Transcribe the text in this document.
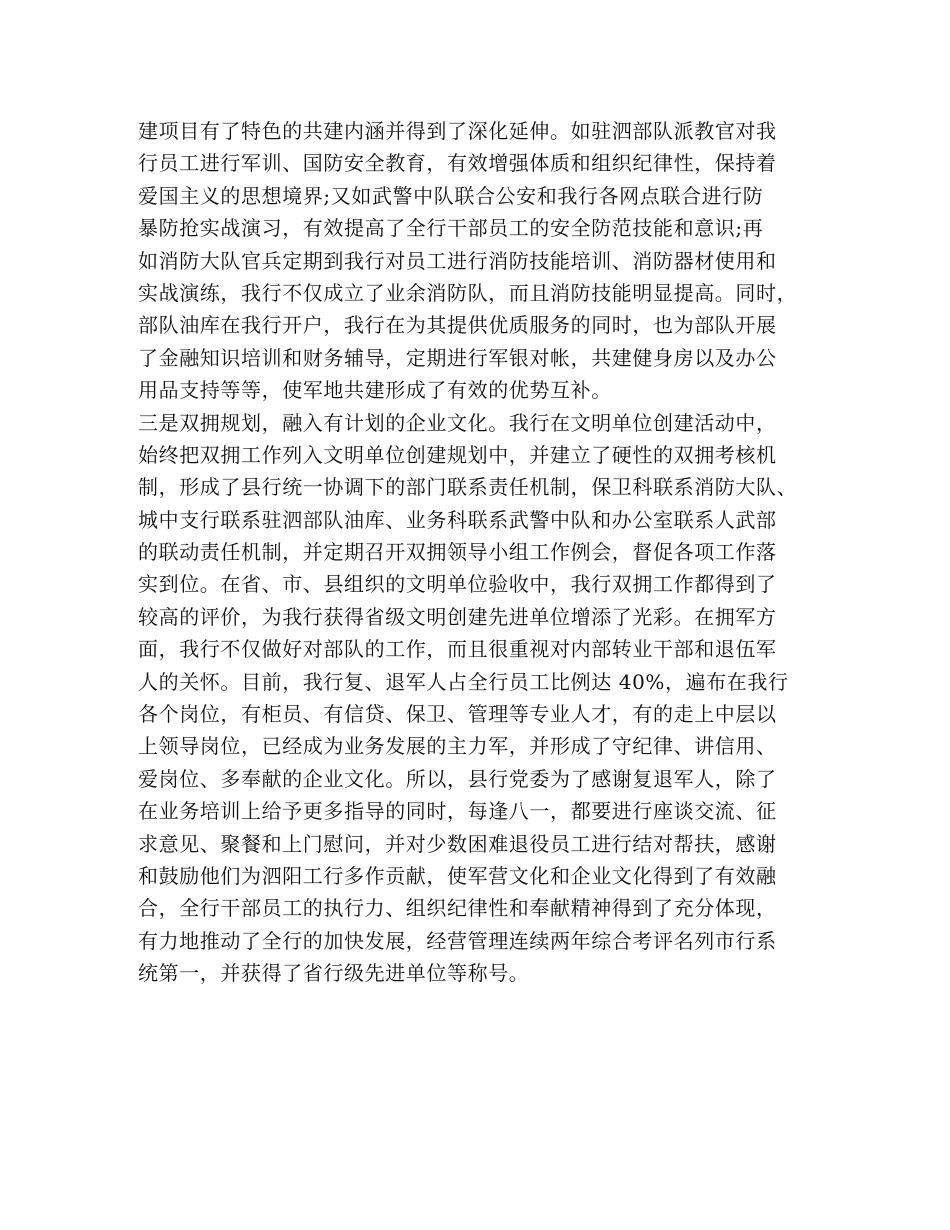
建项目有了特色的共建内涵并得到了深化延伸。如驻泗部队派教官对我
行员工进行军训、国防安全教育，有效增强体质和组织纪律性，保持着
爱国主义的思想境界;又如武警中队联合公安和我行各网点联合进行防
暴防抢实战演习，有效提高了全行干部员工的安全防范技能和意识;再
如消防大队官兵定期到我行对员工进行消防技能培训、消防器材使用和
实战演练，我行不仅成立了业余消防队，而且消防技能明显提高。同时，
部队油库在我行开户，我行在为其提供优质服务的同时，也为部队开展
了金融知识培训和财务辅导，定期进行军银对帐，共建健身房以及办公
用品支持等等，使军地共建形成了有效的优势互补。
三是双拥规划，融入有计划的企业文化。我行在文明单位创建活动中，
始终把双拥工作列入文明单位创建规划中，并建立了硬性的双拥考核机
制，形成了县行统一协调下的部门联系责任机制，保卫科联系消防大队、
城中支行联系驻泗部队油库、业务科联系武警中队和办公室联系人武部
的联动责任机制，并定期召开双拥领导小组工作例会，督促各项工作落
实到位。在省、市、县组织的文明单位验收中，我行双拥工作都得到了
较高的评价，为我行获得省级文明创建先进单位增添了光彩。在拥军方
面，我行不仅做好对部队的工作，而且很重视对内部转业干部和退伍军
人的关怀。目前，我行复、退军人占全行员工比例达 40%，遍布在我行
各个岗位，有柜员、有信贷、保卫、管理等专业人才，有的走上中层以
上领导岗位，已经成为业务发展的主力军，并形成了守纪律、讲信用、
爱岗位、多奉献的企业文化。所以，县行党委为了感谢复退军人，除了
在业务培训上给予更多指导的同时，每逢八一，都要进行座谈交流、征
求意见、聚餐和上门慰问，并对少数困难退役员工进行结对帮扶，感谢
和鼓励他们为泗阳工行多作贡献，使军营文化和企业文化得到了有效融
合，全行干部员工的执行力、组织纪律性和奉献精神得到了充分体现，
有力地推动了全行的加快发展，经营管理连续两年综合考评名列市行系
统第一，并获得了省行级先进单位等称号。
